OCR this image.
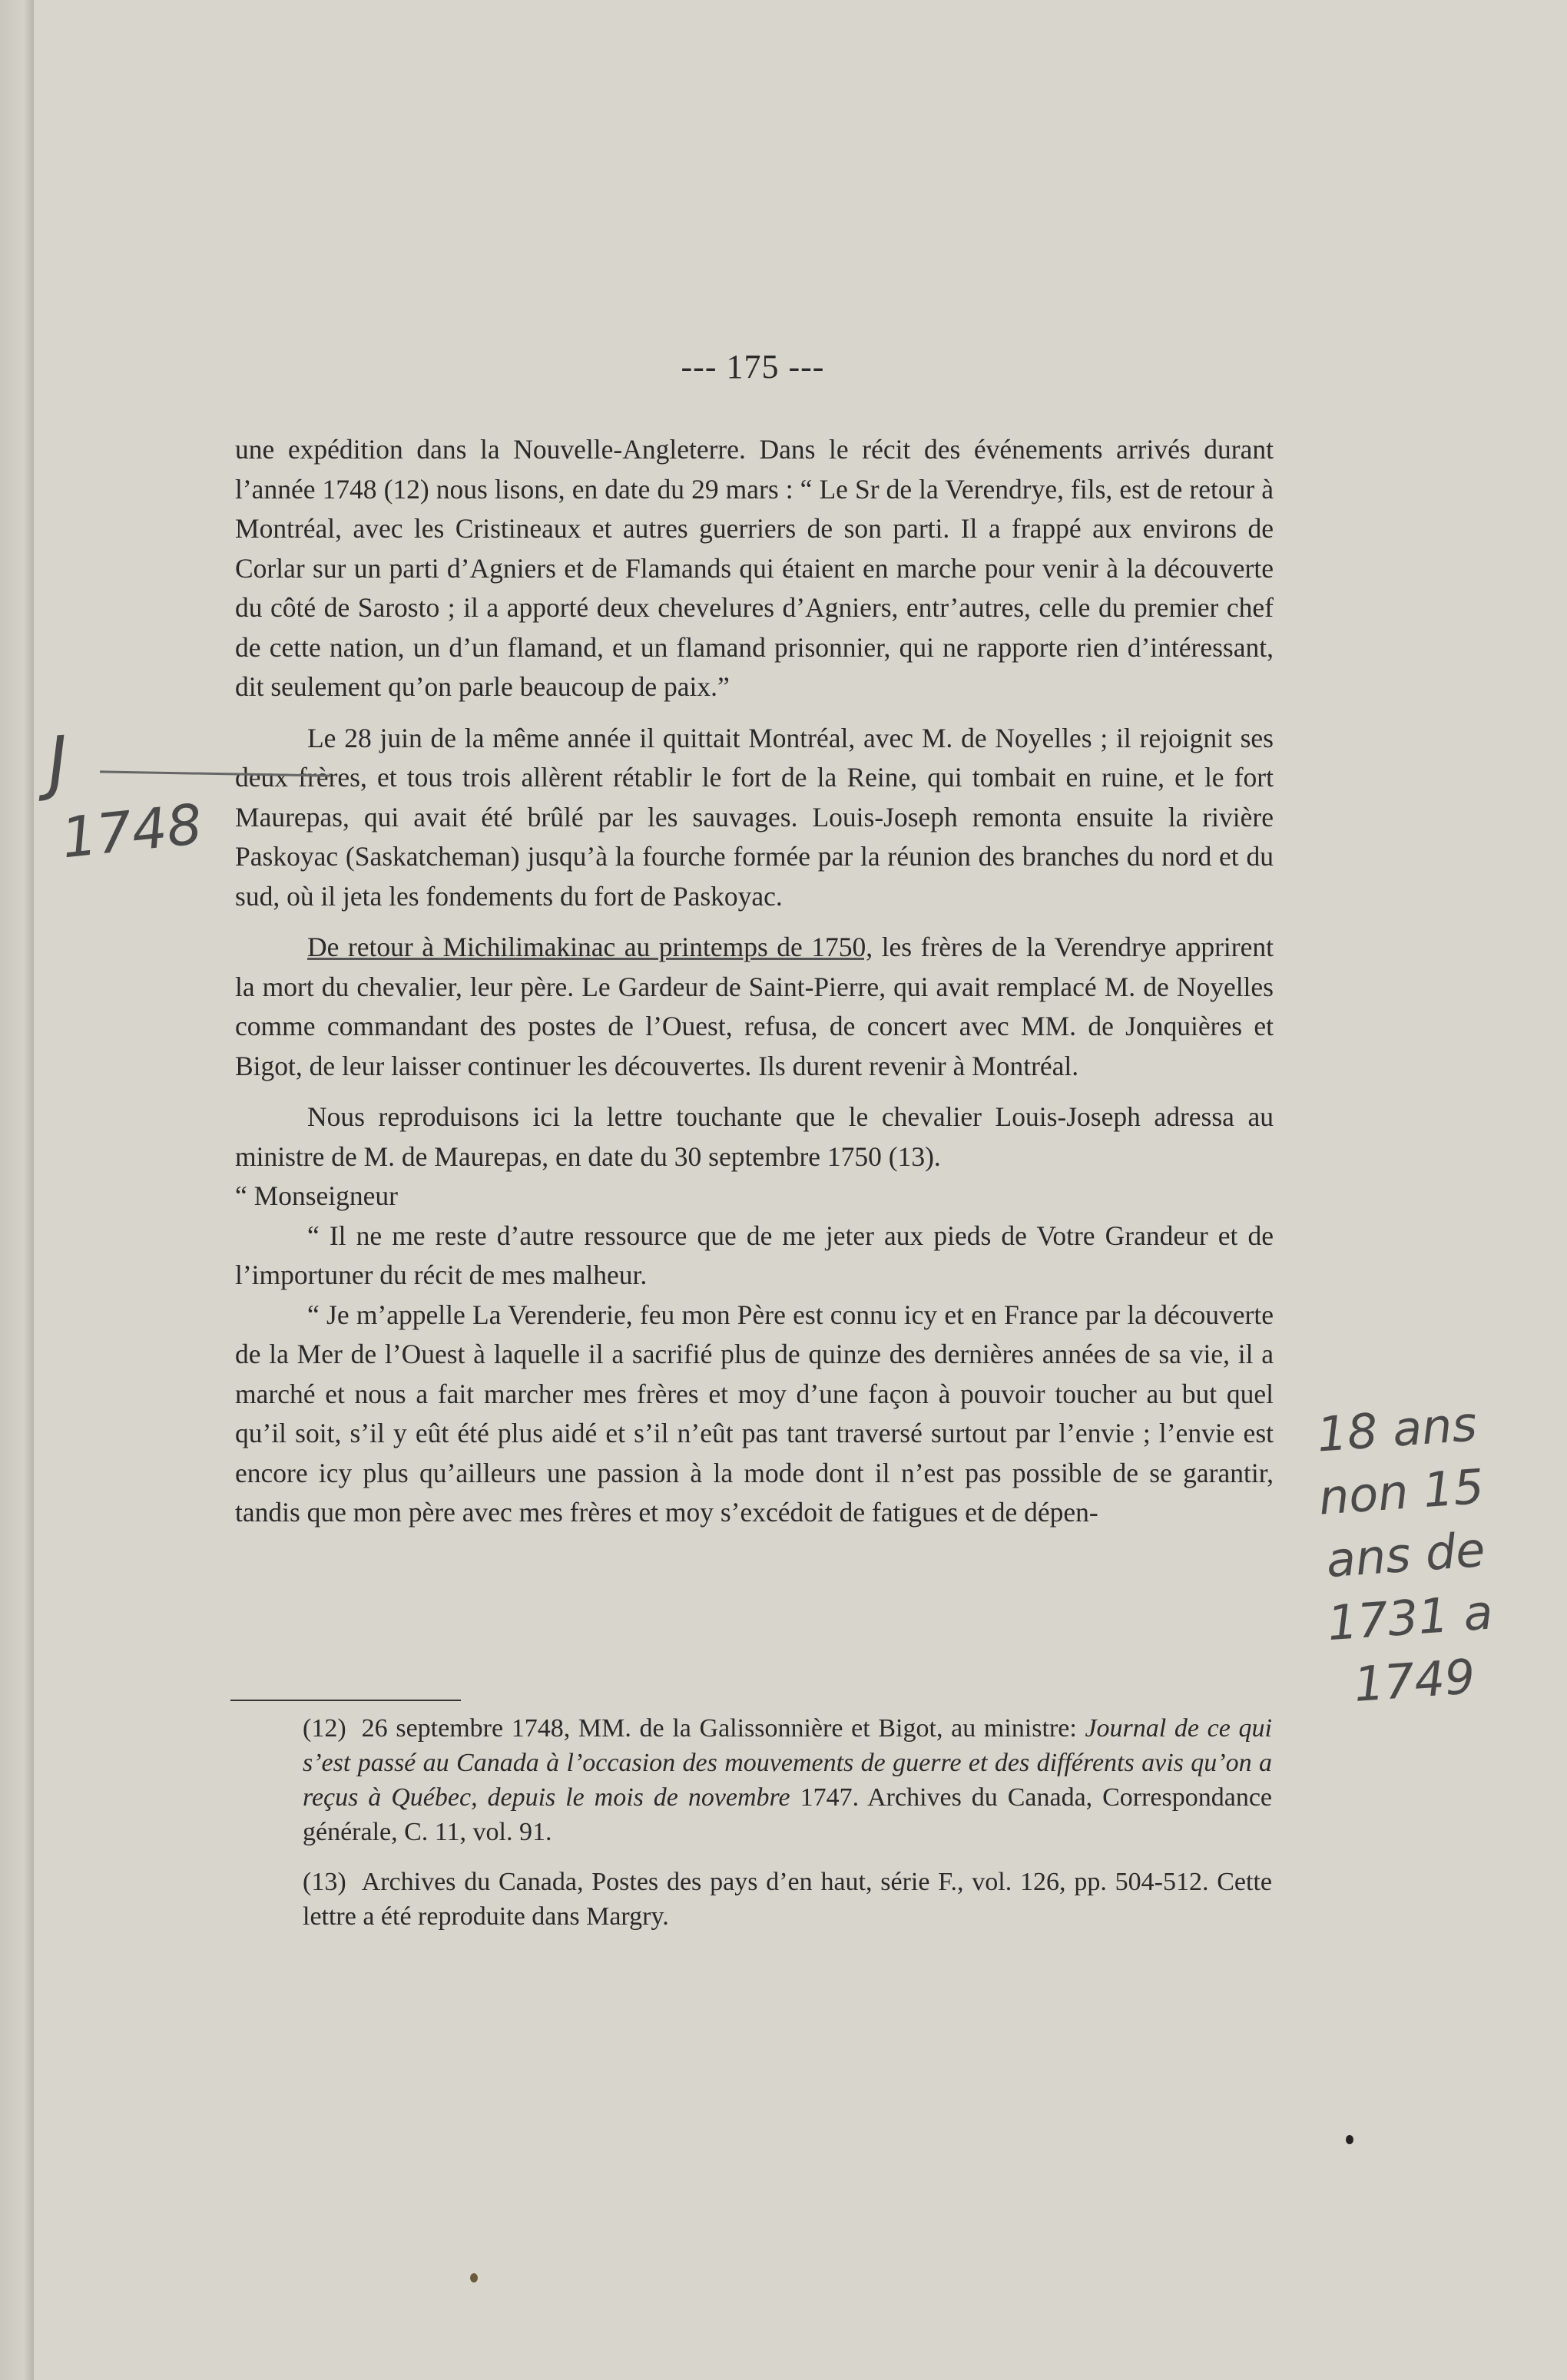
--- 175 ---

une expédition dans la Nouvelle-Angleterre. Dans le récit des événements arrivés durant l’année 1748 (12) nous lisons, en date du 29 mars : “ Le Sr de la Verendrye, fils, est de retour à Montréal, avec les Cristineaux et autres guerriers de son parti. Il a frappé aux environs de Corlar sur un parti d’Agniers et de Flamands qui étaient en marche pour venir à la découverte du côté de Sarosto ; il a apporté deux chevelures d’Agniers, entr’autres, celle du premier chef de cette nation, un d’un flamand, et un flamand prisonnier, qui ne rapporte rien d’intéressant, dit seulement qu’on parle beaucoup de paix.”

Le 28 juin de la même année il quittait Montréal, avec M. de Noyelles ; il rejoignit ses deux frères, et tous trois allèrent rétablir le fort de la Reine, qui tombait en ruine, et le fort Maurepas, qui avait été brûlé par les sauvages. Louis-Joseph remonta ensuite la rivière Paskoyac (Saskatcheman) jusqu’à la fourche formée par la réunion des branches du nord et du sud, où il jeta les fondements du fort de Paskoyac.

De retour à Michilimakinac au printemps de 1750, les frères de la Verendrye apprirent la mort du chevalier, leur père. Le Gardeur de Saint-Pierre, qui avait remplacé M. de Noyelles comme commandant des postes de l’Ouest, refusa, de concert avec MM. de Jonquières et Bigot, de leur laisser continuer les découvertes. Ils durent revenir à Montréal.

Nous reproduisons ici la lettre touchante que le chevalier Louis-Joseph adressa au ministre de M. de Maurepas, en date du 30 septembre 1750 (13).

“ Monseigneur

“ Il ne me reste d’autre ressource que de me jeter aux pieds de Votre Grandeur et de l’importuner du récit de mes malheur.

“ Je m’appelle La Verenderie, feu mon Père est connu icy et en France par la découverte de la Mer de l’Ouest à laquelle il a sacrifié plus de quinze des dernières années de sa vie, il a marché et nous a fait marcher mes frères et moy d’une façon à pouvoir toucher au but quel qu’il soit, s’il y eût été plus aidé et s’il n’eût pas tant traversé surtout par l’envie ; l’envie est encore icy plus qu’ailleurs une passion à la mode dont il n’est pas possible de se garantir, tandis que mon père avec mes frères et moy s’excédoit de fatigues et de dépen-

(12) 26 septembre 1748, MM. de la Galissonnière et Bigot, au ministre: Journal de ce qui s’est passé au Canada à l’occasion des mouvements de guerre et des différents avis qu’on a reçus à Québec, depuis le mois de novembre 1747. Archives du Canada, Correspondance générale, C. 11, vol. 91.

(13) Archives du Canada, Postes des pays d’en haut, série F., vol. 126, pp. 504-512. Cette lettre a été reproduite dans Margry.

J
1748
18 ans non 15 ans de 1731 a 1749
